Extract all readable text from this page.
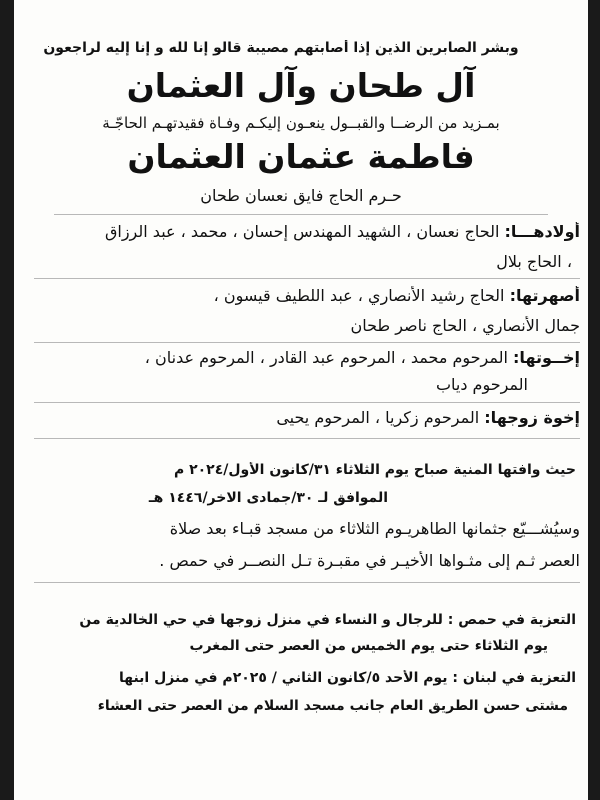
وبشر الصابرين الذين إذا أصابتهم مصيبة قالو إنا لله و إنا إليه لراجعون
آل طحان وآل العثمان
بمـزيد من الرضــا والقبــول ينعـون إليكـم وفـاة فقيدتهـم الحاجّـة
فاطمة عثمان العثمان
حـرم الحاج فايق نعسان طحان
أولادهـــا: الحاج نعسان ، الشهيد المهندس إحسان ، محمد ، عبد الرزاق
، الحاج بلال
أصهرتها: الحاج رشيد الأنصاري ، عبد اللطيف قيسون ،
جمال الأنصاري ، الحاج ناصر طحان
إخــوتها: المرحوم محمد ، المرحوم عبد القادر ، المرحوم عدنان ،
المرحوم دياب
إخوة زوجها: المرحوم زكريا ، المرحوم يحيى
حيث وافتها المنية صباح يوم الثلاثاء ٣١/كانون الأول/٢٠٢٤ م
الموافق لـ ٣٠/جمادى الاخر/١٤٤٦ هـ
وسيُشـــيّع جثمانها الطاهريـوم الثلاثاء من مسجد قبـاء بعد صلاة
العصر ثـم إلى مثـواها الأخيـر في مقبـرة تـل النصــر في حمص .
التعزية في حمص : للرجال و النساء في منزل زوجها في حي الخالدية من
يوم الثلاثاء حتى يوم الخميس من العصر حتى المغرب
التعزية في لبنان : يوم الأحد ٥/كانون الثاني / ٢٠٢٥م في منزل ابنها
مشتى حسن الطريق العام جانب مسجد السلام من العصر حتى العشاء
